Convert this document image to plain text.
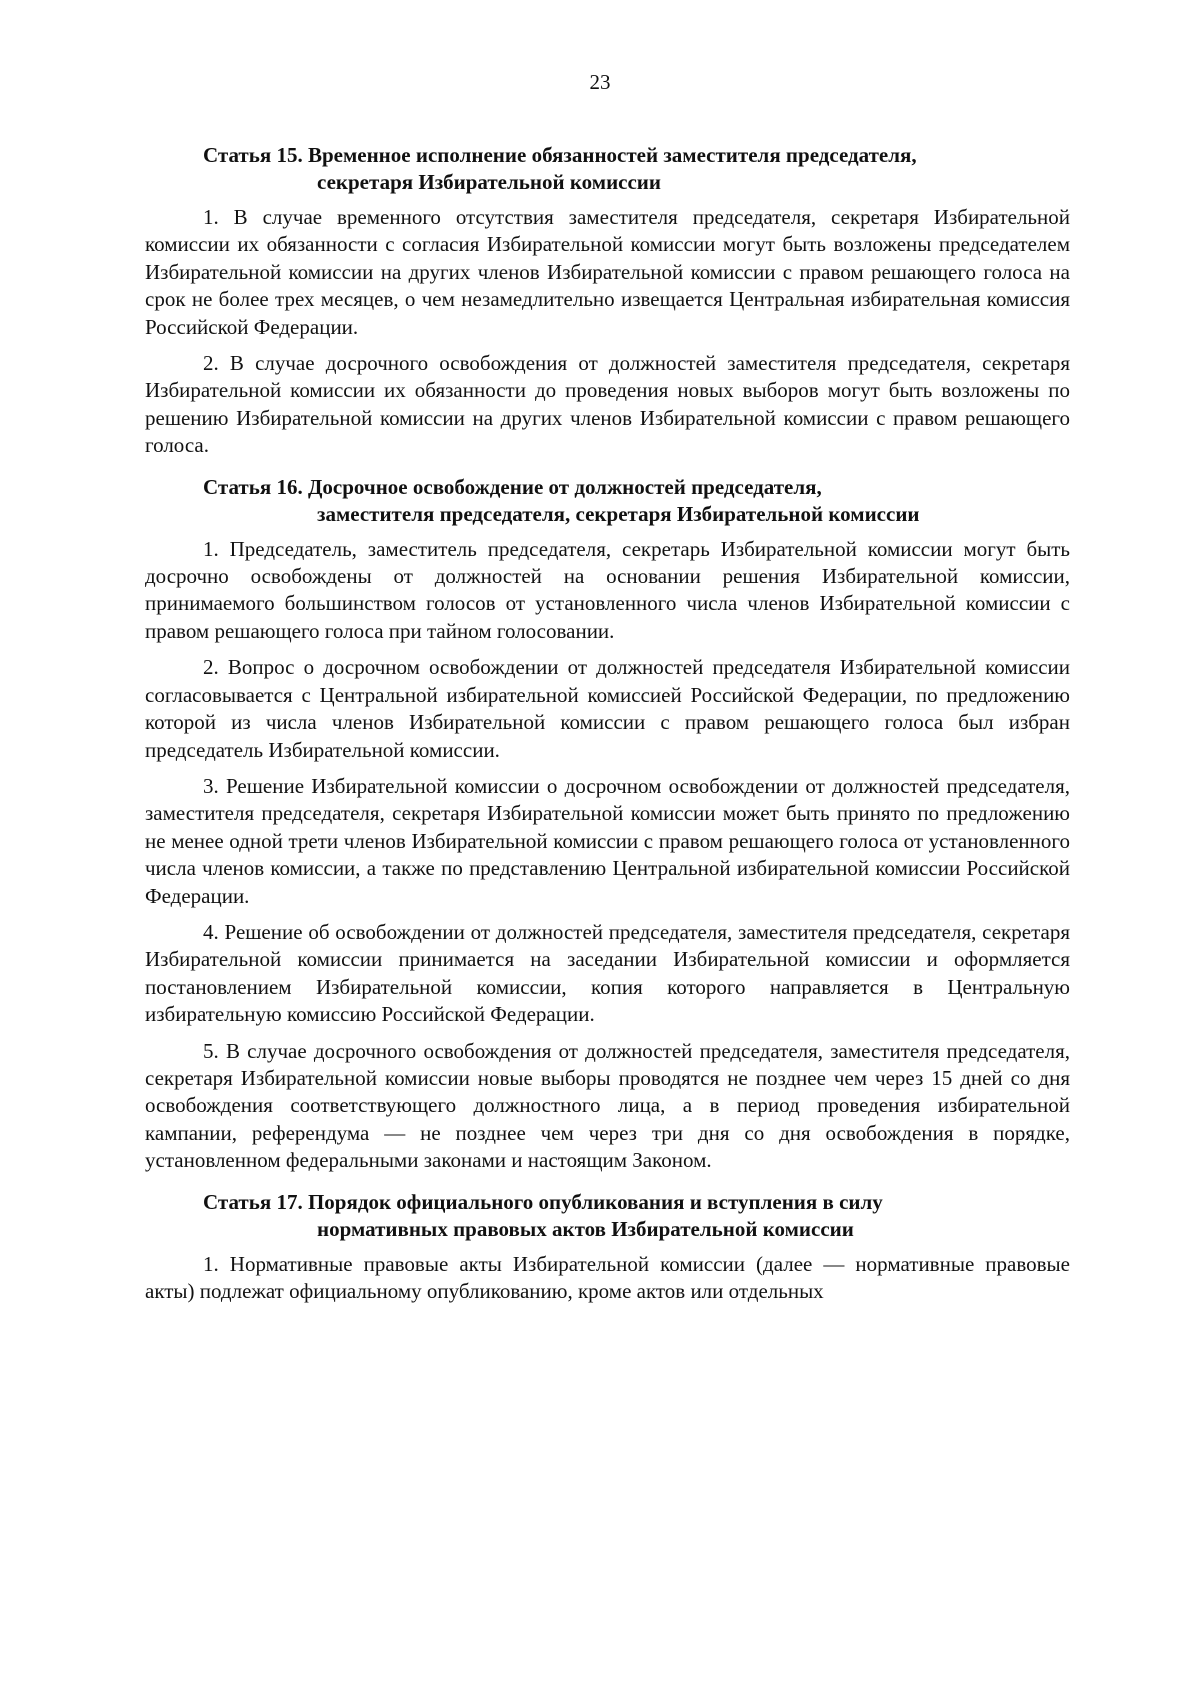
23
Статья 15. Временное исполнение обязанностей заместителя председателя,
секретаря Избирательной комиссии

1. В случае временного отсутствия заместителя председателя, секретаря Избирательной комиссии их обязанности с согласия Избирательной комиссии могут быть возложены председателем Избирательной комиссии на других членов Избирательной комиссии с правом решающего голоса на срок не более трех месяцев, о чем незамедлительно извещается Центральная избирательная комиссия Российской Федерации.

2. В случае досрочного освобождения от должностей заместителя председателя, секретаря Избирательной комиссии их обязанности до проведения новых выборов могут быть возложены по решению Избирательной комиссии на других членов Избирательной комиссии с правом решающего голоса.

Статья 16. Досрочное освобождение от должностей председателя,
заместителя председателя, секретаря Избирательной комиссии

1. Председатель, заместитель председателя, секретарь Избирательной комиссии могут быть досрочно освобождены от должностей на основании решения Избирательной комиссии, принимаемого большинством голосов от установленного числа членов Избирательной комиссии с правом решающего голоса при тайном голосовании.

2. Вопрос о досрочном освобождении от должностей председателя Избирательной комиссии согласовывается с Центральной избирательной комиссией Российской Федерации, по предложению которой из числа членов Избирательной комиссии с правом решающего голоса был избран председатель Избирательной комиссии.

3. Решение Избирательной комиссии о досрочном освобождении от должностей председателя, заместителя председателя, секретаря Избирательной комиссии может быть принято по предложению не менее одной трети членов Избирательной комиссии с правом решающего голоса от установленного числа членов комиссии, а также по представлению Центральной избирательной комиссии Российской Федерации.

4. Решение об освобождении от должностей председателя, заместителя председателя, секретаря Избирательной комиссии принимается на заседании Избирательной комиссии и оформляется постановлением Избирательной комиссии, копия которого направляется в Центральную избирательную комиссию Российской Федерации.

5. В случае досрочного освобождения от должностей председателя, заместителя председателя, секретаря Избирательной комиссии новые выборы проводятся не позднее чем через 15 дней со дня освобождения соответствующего должностного лица, а в период проведения избирательной кампании, референдума — не позднее чем через три дня со дня освобождения в порядке, установленном федеральными законами и настоящим Законом.

Статья 17. Порядок официального опубликования и вступления в силу
нормативных правовых актов Избирательной комиссии

1. Нормативные правовые акты Избирательной комиссии (далее — нормативные правовые акты) подлежат официальному опубликованию, кроме актов или отдельных
